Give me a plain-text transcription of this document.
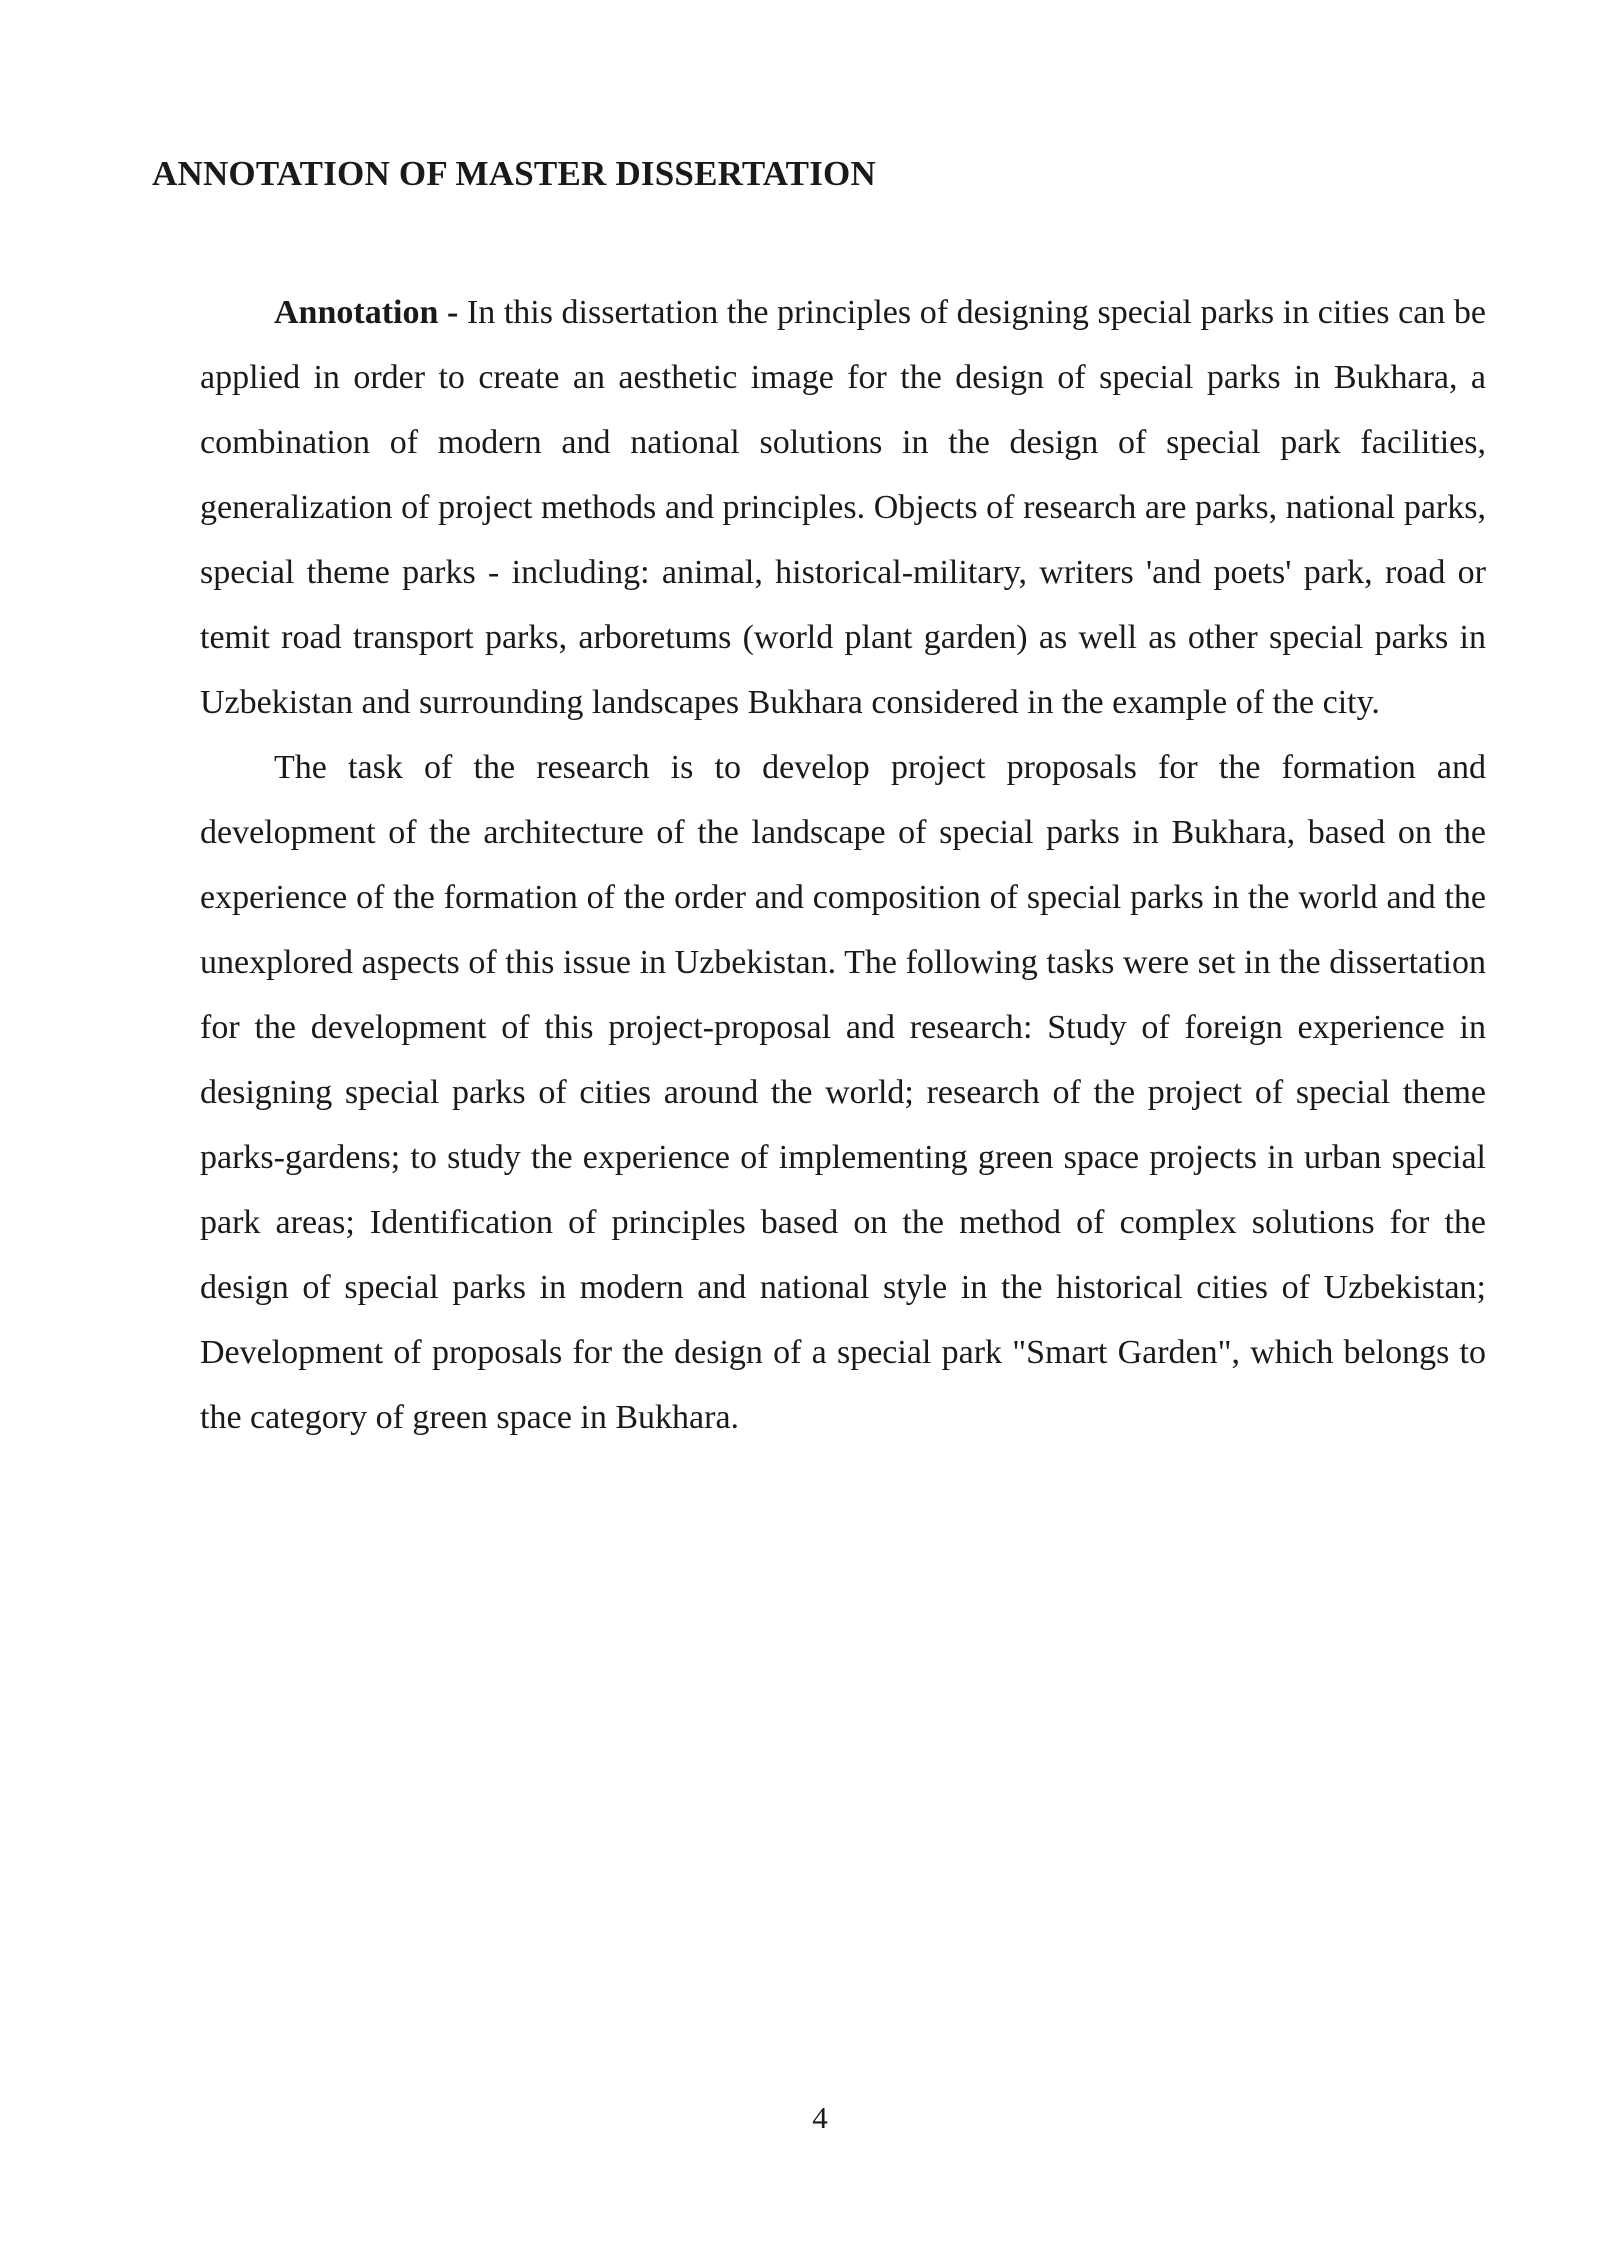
ANNOTATION OF MASTER DISSERTATION

Annotation - In this dissertation the principles of designing special parks in cities can be applied in order to create an aesthetic image for the design of special parks in Bukhara, a combination of modern and national solutions in the design of special park facilities, generalization of project methods and principles. Objects of research are parks, national parks, special theme parks - including: animal, historical-military, writers 'and poets' park, road or temit road transport parks, arboretums (world plant garden) as well as other special parks in Uzbekistan and surrounding landscapes Bukhara considered in the example of the city.

The task of the research is to develop project proposals for the formation and development of the architecture of the landscape of special parks in Bukhara, based on the experience of the formation of the order and composition of special parks in the world and the unexplored aspects of this issue in Uzbekistan. The following tasks were set in the dissertation for the development of this project-proposal and research: Study of foreign experience in designing special parks of cities around the world; research of the project of special theme parks-gardens; to study the experience of implementing green space projects in urban special park areas; Identification of principles based on the method of complex solutions for the design of special parks in modern and national style in the historical cities of Uzbekistan; Development of proposals for the design of a special park "Smart Garden", which belongs to the category of green space in Bukhara.

4
